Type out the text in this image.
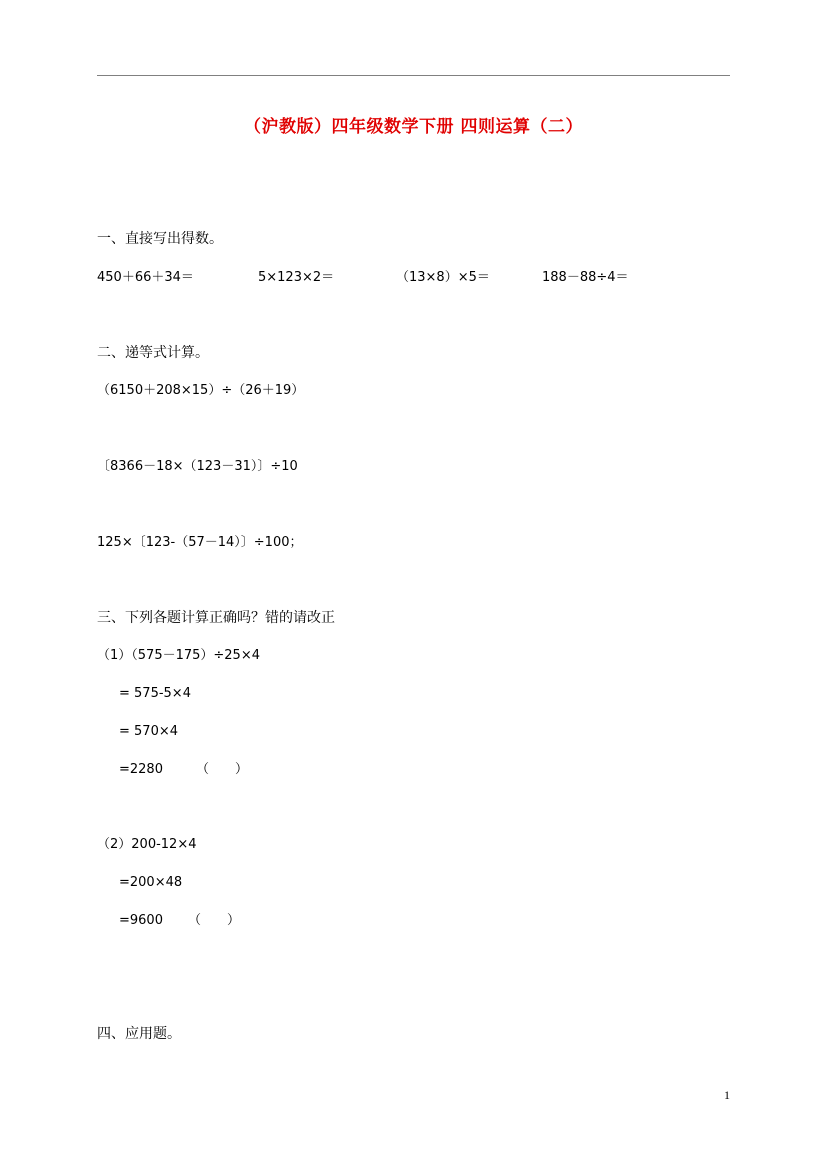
（沪教版）四年级数学下册 四则运算（二）
一、直接写出得数。
450＋66＋34＝	5×123×2＝	（13×8）×5＝	188－88÷4＝
二、递等式计算。
（6150＋208×15）÷（26＋19）
〔8366－18×（123－31）〕÷10
125×〔123-（57－14）〕÷100；
三、下列各题计算正确吗？错的请改正
（1）（575－175）÷25×4
= 575-5×4
= 570×4
=2280	（　　）
（2）200-12×4
=200×48
=9600 （　　）
四、应用题。
1
